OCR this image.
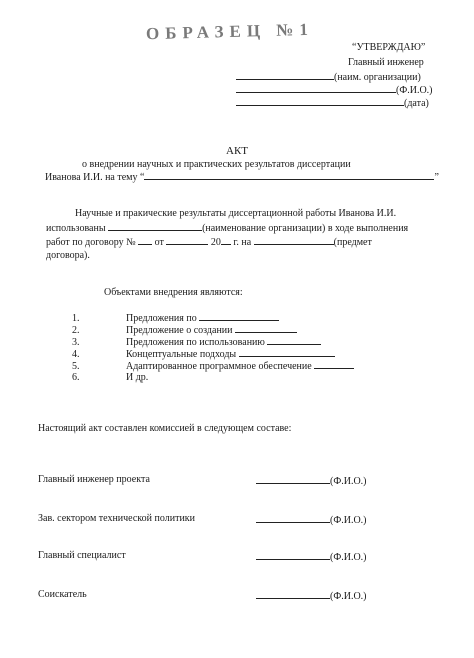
ОБРАЗЕЦ №1
“УТВЕРЖДАЮ”
Главный инженер
(наим. организации)
(Ф.И.О.)
(дата)
АКТ
о внедрении научных и практических результатов диссертации
Иванова И.И. на тему “	”
Научные и пракические результаты диссертационной работы Иванова И.И.
использованы	(наименование организации) в ходе выполнения
работ по договору № от	20 г. на	(предмет
договора).
Объектами внедрения являются:
1.	Предложения по
2.	Предложение о создании
3.	Предложения по использованию
4.	Концептуальные подходы
5.	Адаптированное программное обеспечение
6.	И др.
Настоящий акт составлен комиссией в следующем составе:
Главный инженер проекта	(Ф.И.О.)
Зав. сектором технической политики	(Ф.И.О.)
Главный специалист	(Ф.И.О.)
Соискатель	(Ф.И.О.)
